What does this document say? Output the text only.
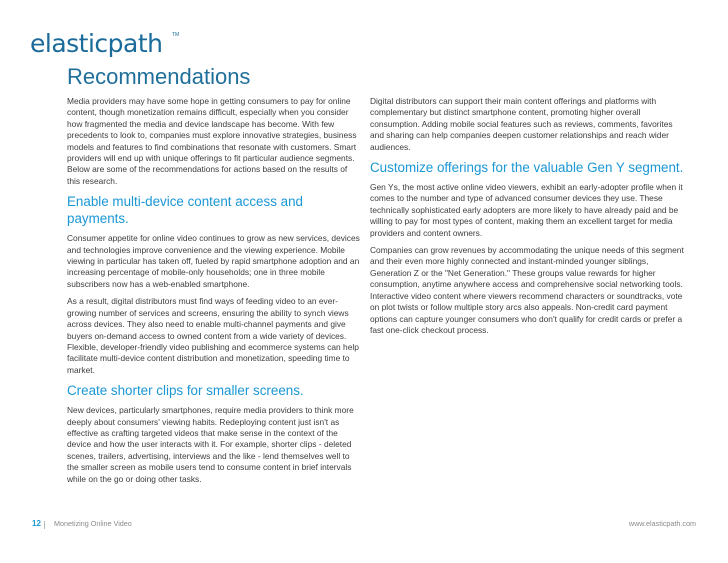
elasticpath TM
Recommendations

Media providers may have some hope in getting consumers to pay for online content, though monetization remains difficult, especially when you consider how fragmented the media and device landscape has become. With few precedents to look to, companies must explore innovative strategies, business models and features to find combinations that resonate with customers. Smart providers will end up with unique offerings to fit particular audience segments. Below are some of the recommendations for actions based on the results of this research.

Enable multi-device content access and payments.

Consumer appetite for online video continues to grow as new services, devices and technologies improve convenience and the viewing experience. Mobile viewing in particular has taken off, fueled by rapid smartphone adoption and an increasing percentage of mobile-only households; one in three mobile subscribers now has a web-enabled smartphone.

As a result, digital distributors must find ways of feeding video to an ever-growing number of services and screens, ensuring the ability to synch views across devices. They also need to enable multi-channel payments and give buyers on-demand access to owned content from a wide variety of devices. Flexible, developer-friendly video publishing and ecommerce systems can help facilitate multi-device content distribution and monetization, speeding time to market.

Create shorter clips for smaller screens.

New devices, particularly smartphones, require media providers to think more deeply about consumers' viewing habits. Redeploying content just isn't as effective as crafting targeted videos that make sense in the context of the device and how the user interacts with it. For example, shorter clips - deleted scenes, trailers, advertising, interviews and the like - lend themselves well to the smaller screen as mobile users tend to consume content in brief intervals while on the go or doing other tasks.

Digital distributors can support their main content offerings and platforms with complementary but distinct smartphone content, promoting higher overall consumption. Adding mobile social features such as reviews, comments, favorites and sharing can help companies deepen customer relationships and reach wider audiences.

Customize offerings for the valuable Gen Y segment.

Gen Ys, the most active online video viewers, exhibit an early-adopter profile when it comes to the number and type of advanced consumer devices they use. These technically sophisticated early adopters are more likely to have already paid and be willing to pay for most types of content, making them an excellent target for media providers and content owners.

Companies can grow revenues by accommodating the unique needs of this segment and their even more highly connected and instant-minded younger siblings, Generation Z or the "Net Generation." These groups value rewards for higher consumption, anytime anywhere access and comprehensive social networking tools. Interactive video content where viewers recommend characters or soundtracks, vote on plot twists or follow multiple story arcs also appeals. Non-credit card payment options can capture younger consumers who don't qualify for credit cards or prefer a fast one-click checkout process.

12 Monetizing Online Video	www.elasticpath.com
